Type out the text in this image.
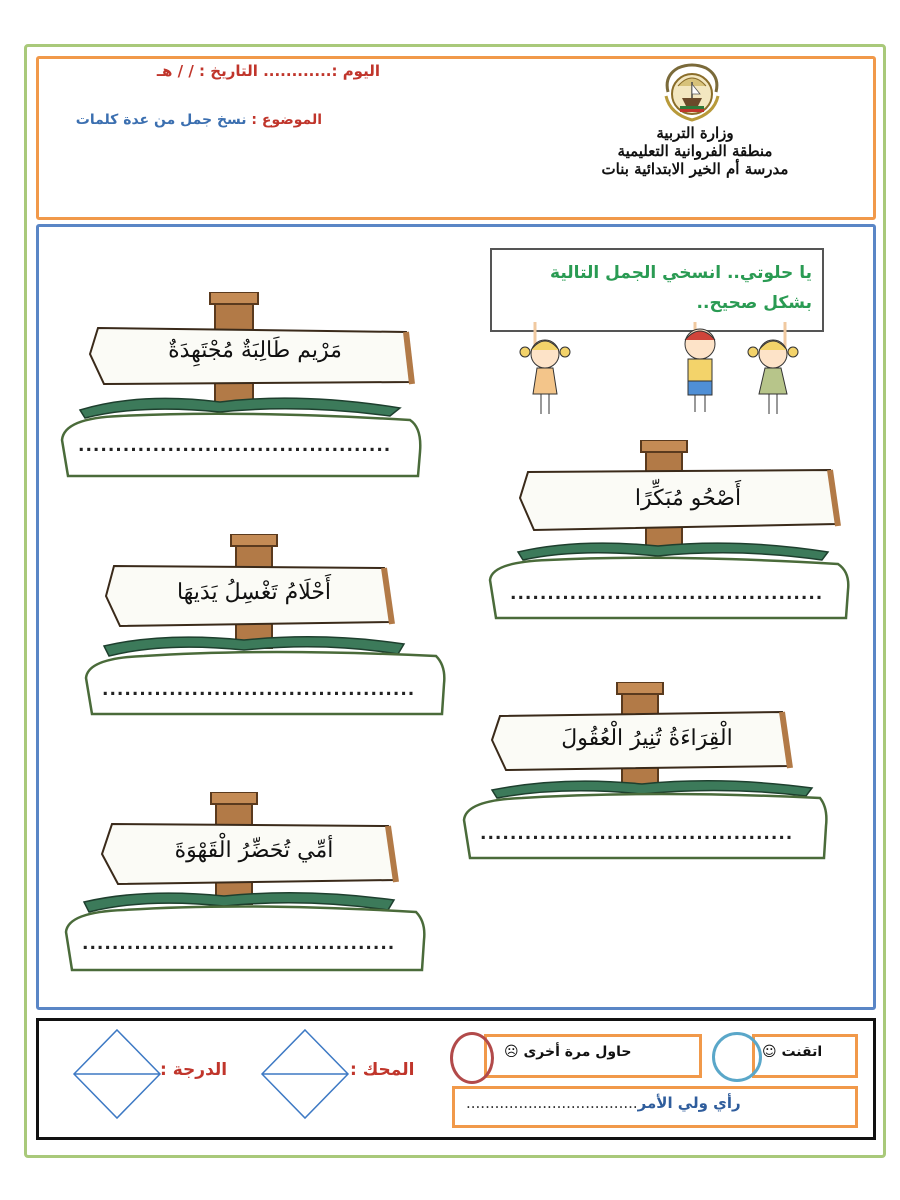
اليوم :............ التاريخ : / / هـ
الموضوع : نسخ جمل من عدة كلمات
وزارة التربية
منطقة الفروانية التعليمية
مدرسة أم الخير الابتدائية بنات
يا حلوتي.. انسخي الجمل التالية
بشكل صحيح..
مَرْيم طَالِبَةٌ مُجْتَهِدَةٌ
..........................................
أَصْحُو مُبَكِّرًا
..........................................
أَحْلَامُ تَغْسِلُ يَدَيهَا
..........................................
الْقِرَاءَةُ تُنِيرُ الْعُقُولَ
..........................................
أمِّي تُحَضِّرُ الْقَهْوَةَ
..........................................
اتقنت ☺
حاول مرة أخرى ☹
رأي ولي الأمر....................................
المحك :
الدرجة :
